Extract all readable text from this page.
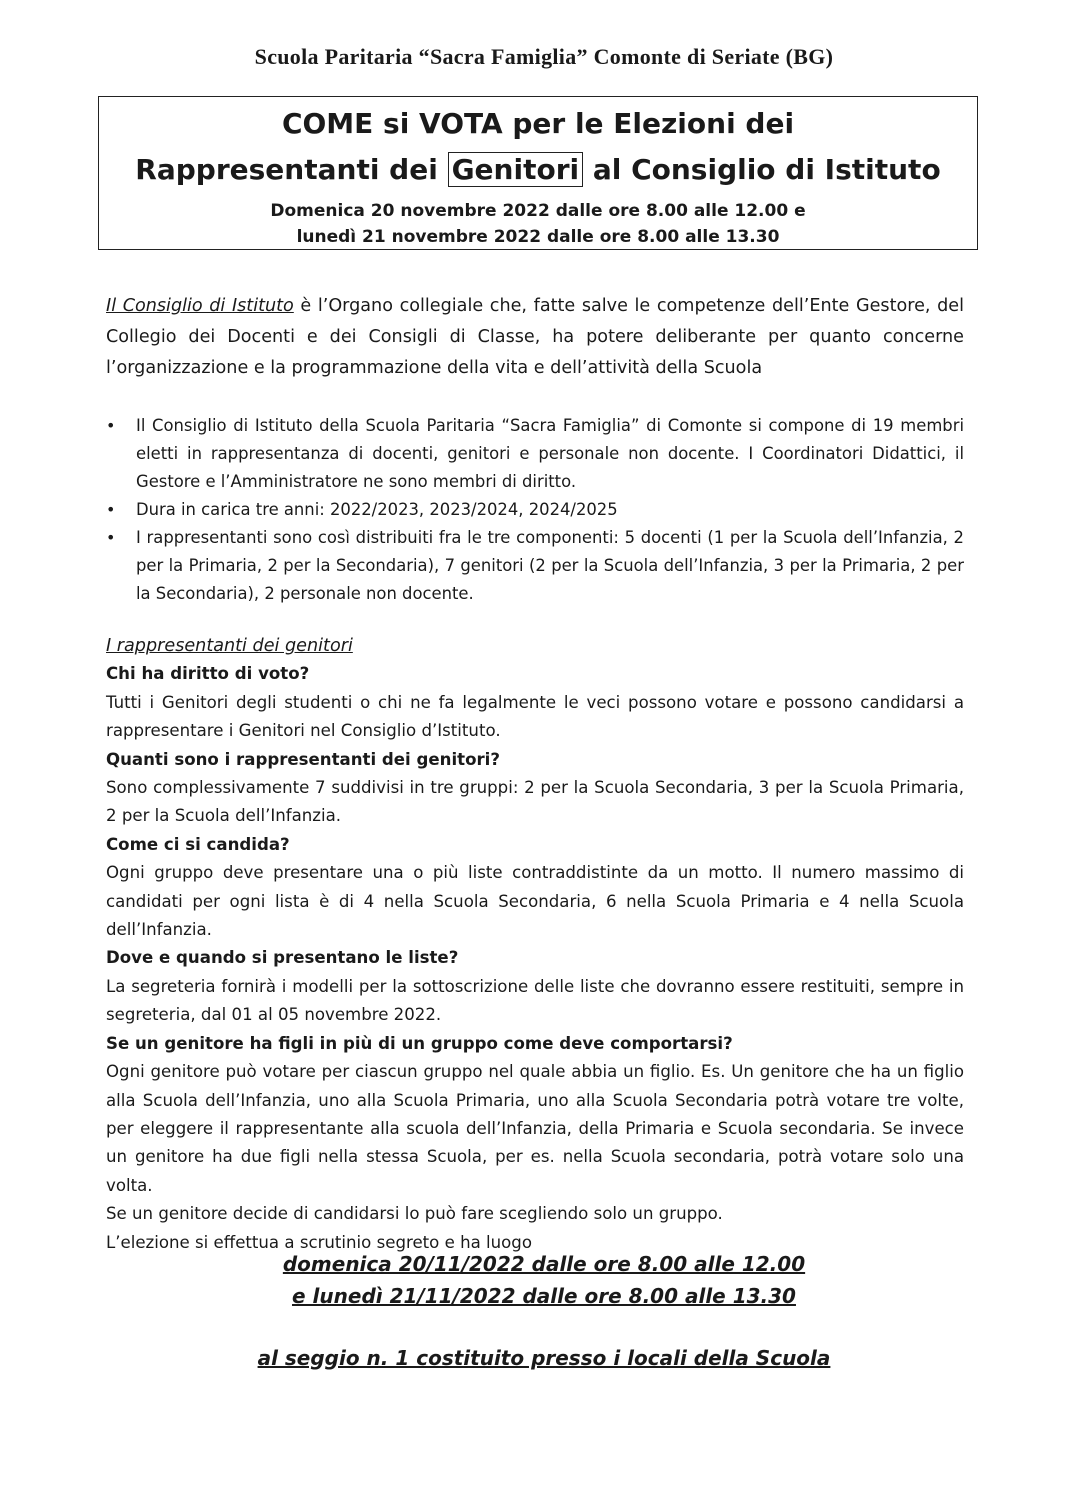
Scuola Paritaria “Sacra Famiglia” Comonte di Seriate (BG)
COME si VOTA per le Elezioni dei
Rappresentanti dei Genitori al Consiglio di Istituto
Domenica 20 novembre 2022 dalle ore 8.00 alle 12.00 e
lunedì 21 novembre 2022 dalle ore 8.00 alle 13.30
Il Consiglio di Istituto è l’Organo collegiale che, fatte salve le competenze dell’Ente Gestore, del Collegio dei Docenti e dei Consigli di Classe, ha potere deliberante per quanto concerne l’organizzazione e la programmazione della vita e dell’attività della Scuola
• Il Consiglio di Istituto della Scuola Paritaria “Sacra Famiglia” di Comonte si compone di 19 membri eletti in rappresentanza di docenti, genitori e personale non docente. I Coordinatori Didattici, il Gestore e l’Amministratore ne sono membri di diritto.
• Dura in carica tre anni: 2022/2023, 2023/2024, 2024/2025
• I rappresentanti sono così distribuiti fra le tre componenti: 5 docenti (1 per la Scuola dell’Infanzia, 2 per la Primaria, 2 per la Secondaria), 7 genitori (2 per la Scuola dell’Infanzia, 3 per la Primaria, 2 per la Secondaria), 2 personale non docente.
I rappresentanti dei genitori
Chi ha diritto di voto?
Tutti i Genitori degli studenti o chi ne fa legalmente le veci possono votare e possono candidarsi a rappresentare i Genitori nel Consiglio d’Istituto.
Quanti sono i rappresentanti dei genitori?
Sono complessivamente 7 suddivisi in tre gruppi: 2 per la Scuola Secondaria, 3 per la Scuola Primaria, 2 per la Scuola dell’Infanzia.
Come ci si candida?
Ogni gruppo deve presentare una o più liste contraddistinte da un motto. Il numero massimo di candidati per ogni lista è di 4 nella Scuola Secondaria, 6 nella Scuola Primaria e 4 nella Scuola dell’Infanzia.
Dove e quando si presentano le liste?
La segreteria fornirà i modelli per la sottoscrizione delle liste che dovranno essere restituiti, sempre in segreteria, dal 01 al 05 novembre 2022.
Se un genitore ha figli in più di un gruppo come deve comportarsi?
Ogni genitore può votare per ciascun gruppo nel quale abbia un figlio. Es. Un genitore che ha un figlio alla Scuola dell’Infanzia, uno alla Scuola Primaria, uno alla Scuola Secondaria potrà votare tre volte, per eleggere il rappresentante alla scuola dell’Infanzia, della Primaria e Scuola secondaria. Se invece un genitore ha due figli nella stessa Scuola, per es. nella Scuola secondaria, potrà votare solo una volta.
Se un genitore decide di candidarsi lo può fare scegliendo solo un gruppo.
L’elezione si effettua a scrutinio segreto e ha luogo
domenica 20/11/2022 dalle ore 8.00 alle 12.00
e lunedì 21/11/2022 dalle ore 8.00 alle 13.30
al seggio n. 1 costituito presso i locali della Scuola
